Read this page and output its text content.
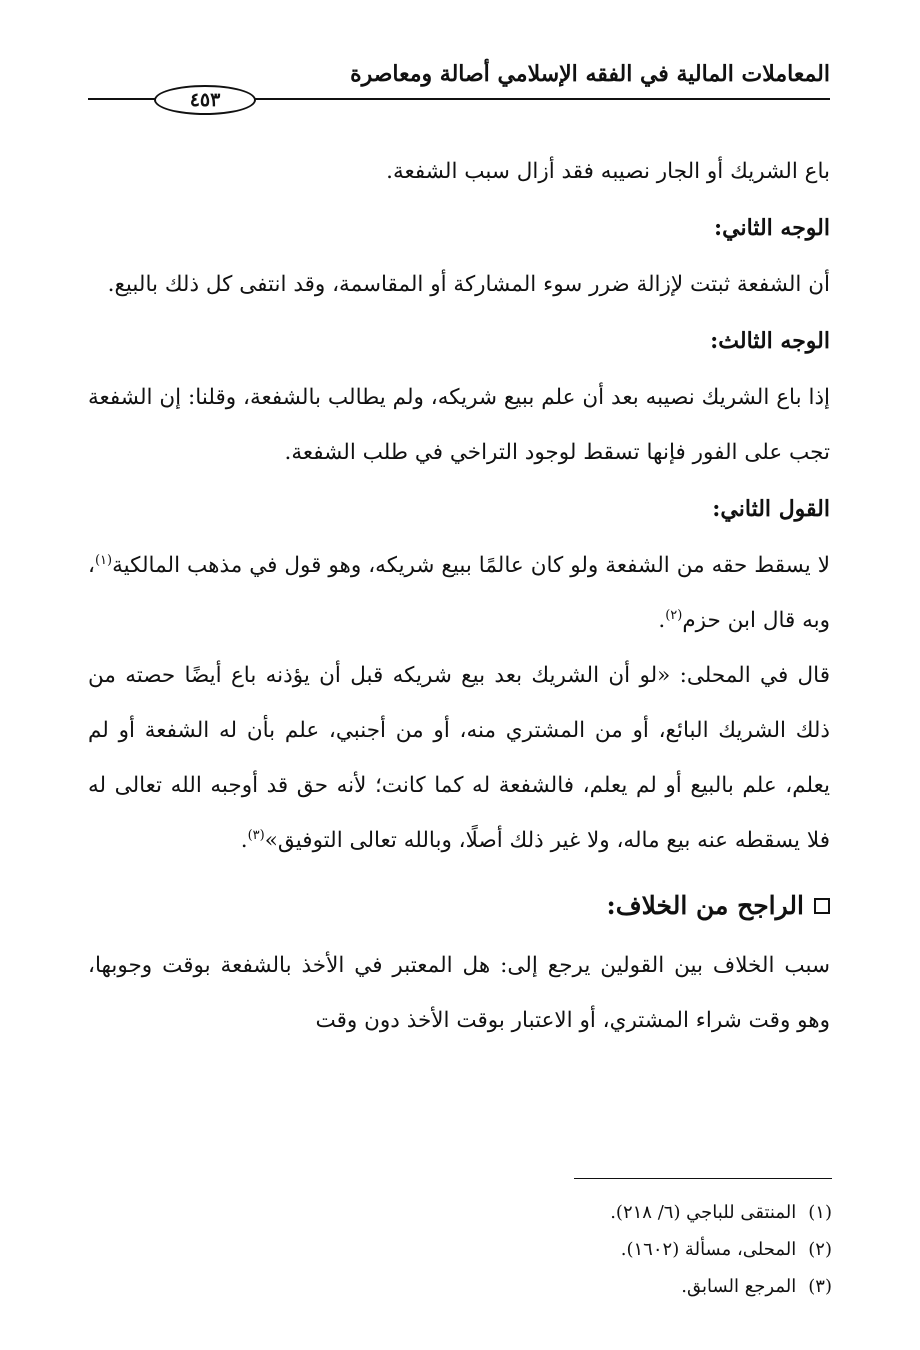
المعاملات المالية في الفقه الإسلامي أصالة ومعاصرة
٤٥٣

باع الشريك أو الجار نصيبه فقد أزال سبب الشفعة.

الوجه الثاني:

أن الشفعة ثبتت لإزالة ضرر سوء المشاركة أو المقاسمة، وقد انتفى كل ذلك بالبيع.

الوجه الثالث:

إذا باع الشريك نصيبه بعد أن علم ببيع شريكه، ولم يطالب بالشفعة، وقلنا: إن الشفعة تجب على الفور فإنها تسقط لوجود التراخي في طلب الشفعة.

القول الثاني:

لا يسقط حقه من الشفعة ولو كان عالمًا ببيع شريكه، وهو قول في مذهب المالكية$^{(١)}$، وبه قال ابن حزم$^{(٢)}$.

قال في المحلى: «لو أن الشريك بعد بيع شريكه قبل أن يؤذنه باع أيضًا حصته من ذلك الشريك البائع، أو من المشتري منه، أو من أجنبي، علم بأن له الشفعة أو لم يعلم، علم بالبيع أو لم يعلم، فالشفعة له كما كانت؛ لأنه حق قد أوجبه الله تعالى له فلا يسقطه عنه بيع ماله، ولا غير ذلك أصلًا، وبالله تعالى التوفيق»$^{(٣)}$.

الراجح من الخلاف:

سبب الخلاف بين القولين يرجع إلى: هل المعتبر في الأخذ بالشفعة بوقت وجوبها، وهو وقت شراء المشتري، أو الاعتبار بوقت الأخذ دون وقت

(١)المنتقى للباجي (٦/ ٢١٨).

(٢)المحلى، مسألة (١٦٠٢).

(٣)المرجع السابق.
